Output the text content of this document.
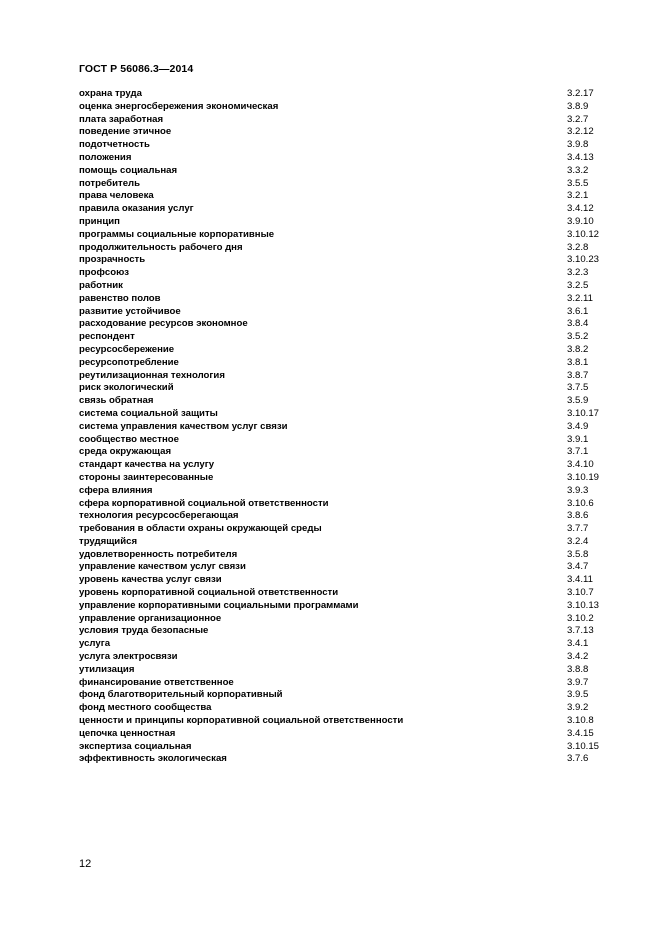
ГОСТ Р 56086.3—2014
охрана труда	3.2.17
оценка энергосбережения экономическая	3.8.9
плата заработная	3.2.7
поведение этичное	3.2.12
подотчетность	3.9.8
положения	3.4.13
помощь социальная	3.3.2
потребитель	3.5.5
права человека	3.2.1
правила оказания услуг	3.4.12
принцип	3.9.10
программы социальные корпоративные	3.10.12
продолжительность рабочего дня	3.2.8
прозрачность	3.10.23
профсоюз	3.2.3
работник	3.2.5
равенство полов	3.2.11
развитие устойчивое	3.6.1
расходование ресурсов экономное	3.8.4
респондент	3.5.2
ресурсосбережение	3.8.2
ресурсопотребление	3.8.1
реутилизационная технология	3.8.7
риск экологический	3.7.5
связь обратная	3.5.9
система социальной защиты	3.10.17
система управления качеством услуг связи	3.4.9
сообщество местное	3.9.1
среда окружающая	3.7.1
стандарт качества на услугу	3.4.10
стороны заинтересованные	3.10.19
сфера влияния	3.9.3
сфера корпоративной социальной ответственности	3.10.6
технология ресурсосберегающая	3.8.6
требования в области охраны окружающей среды	3.7.7
трудящийся	3.2.4
удовлетворенность потребителя	3.5.8
управление качеством услуг связи	3.4.7
уровень качества услуг связи	3.4.11
уровень корпоративной социальной ответственности	3.10.7
управление корпоративными социальными программами	3.10.13
управление организационное	3.10.2
условия труда безопасные	3.7.13
услуга	3.4.1
услуга электросвязи	3.4.2
утилизация	3.8.8
финансирование ответственное	3.9.7
фонд благотворительный корпоративный	3.9.5
фонд местного сообщества	3.9.2
ценности и принципы корпоративной социальной ответственности	3.10.8
цепочка ценностная	3.4.15
экспертиза социальная	3.10.15
эффективность экологическая	3.7.6
12
